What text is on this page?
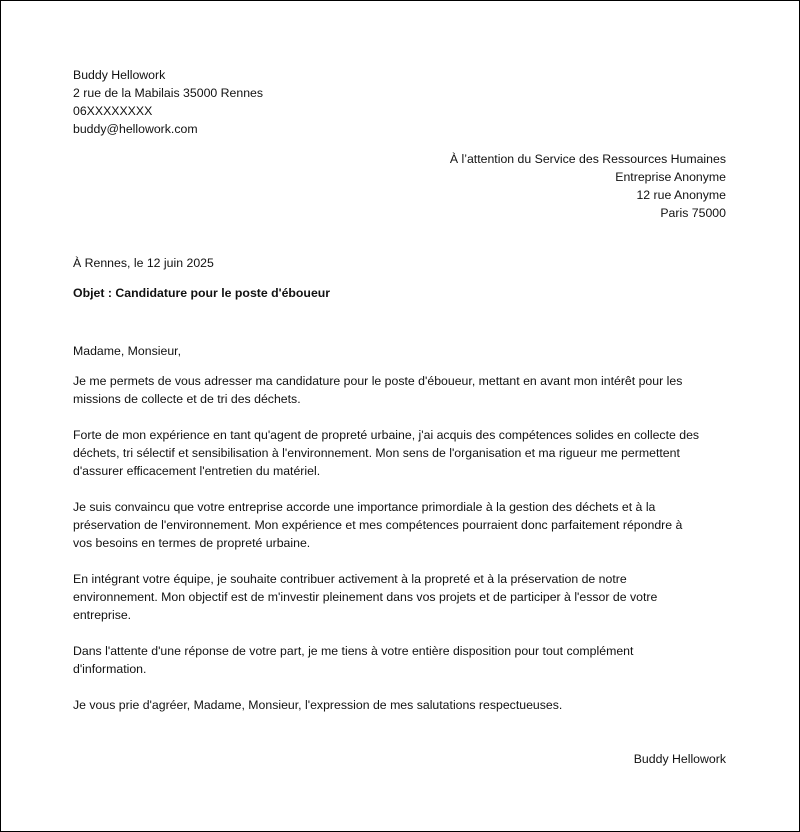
Buddy Hellowork
2 rue de la Mabilais 35000 Rennes
06XXXXXXXX
buddy@hellowork.com
À l’attention du Service des Ressources Humaines
Entreprise Anonyme
12 rue Anonyme
Paris 75000
À Rennes, le 12 juin 2025
Objet : Candidature pour le poste d'éboueur

Madame, Monsieur,

Je me permets de vous adresser ma candidature pour le poste d'éboueur, mettant en avant mon intérêt pour les
missions de collecte et de tri des déchets.

Forte de mon expérience en tant qu'agent de propreté urbaine, j'ai acquis des compétences solides en collecte des
déchets, tri sélectif et sensibilisation à l'environnement. Mon sens de l'organisation et ma rigueur me permettent
d'assurer efficacement l'entretien du matériel.

Je suis convaincu que votre entreprise accorde une importance primordiale à la gestion des déchets et à la
préservation de l'environnement. Mon expérience et mes compétences pourraient donc parfaitement répondre à
vos besoins en termes de propreté urbaine.

En intégrant votre équipe, je souhaite contribuer activement à la propreté et à la préservation de notre
environnement. Mon objectif est de m'investir pleinement dans vos projets et de participer à l'essor de votre
entreprise.

Dans l'attente d'une réponse de votre part, je me tiens à votre entière disposition pour tout complément
d'information.

Je vous prie d'agréer, Madame, Monsieur, l'expression de mes salutations respectueuses.

Buddy Hellowork
